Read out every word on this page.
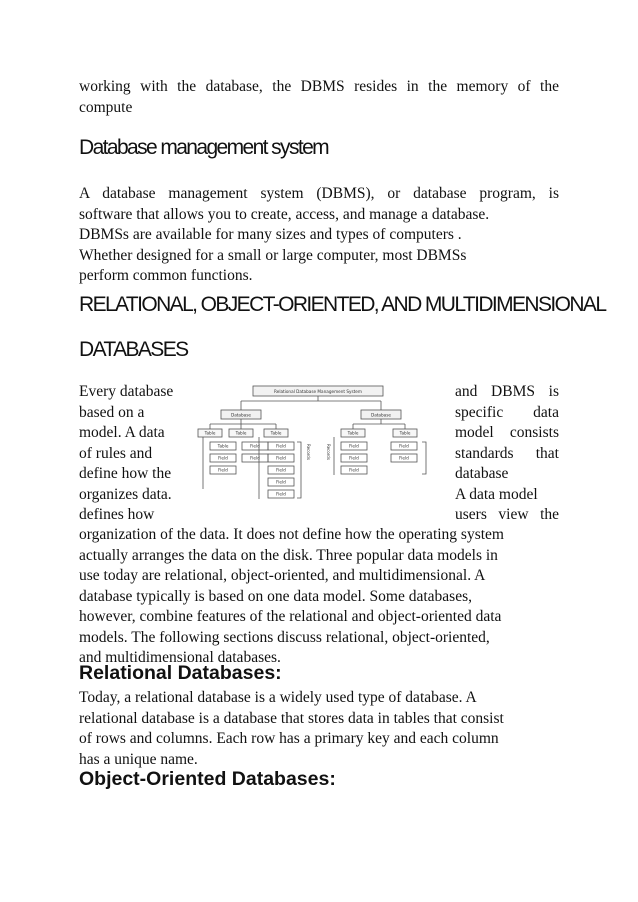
working with the database, the DBMS resides in the memory of the
compute
Database management system
A database management system (DBMS), or database program, is
software that allows you to create, access, and manage a database.
DBMSs are available for many sizes and types of computers .
Whether designed for a small or large computer, most DBMSs
perform common functions.
RELATIONAL, OBJECT-ORIENTED, AND MULTIDIMENSIONAL
DATABASES
Every database
based on a
model. A data
of rules and
define how the
organizes data.
defines how
Relational Database Management System
Database	Database
Table	Table	Table	Table	Table
Table	Field	Field
Field	Field	Field
Field	Field
Field
Field
Field	Field
Field	Field
Field
Records	Records
and DBMS is
specific data
model consists
standards that
database
A data model
users view the
organization of the data. It does not define how the operating system
actually arranges the data on the disk. Three popular data models in
use today are relational, object-oriented, and multidimensional. A
database typically is based on one data model. Some databases,
however, combine features of the relational and object-oriented data
models. The following sections discuss relational, object-oriented,
and multidimensional databases.
Relational Databases:
Today, a relational database is a widely used type of database. A
relational database is a database that stores data in tables that consist
of rows and columns. Each row has a primary key and each column
has a unique name.
Object-Oriented Databases:
